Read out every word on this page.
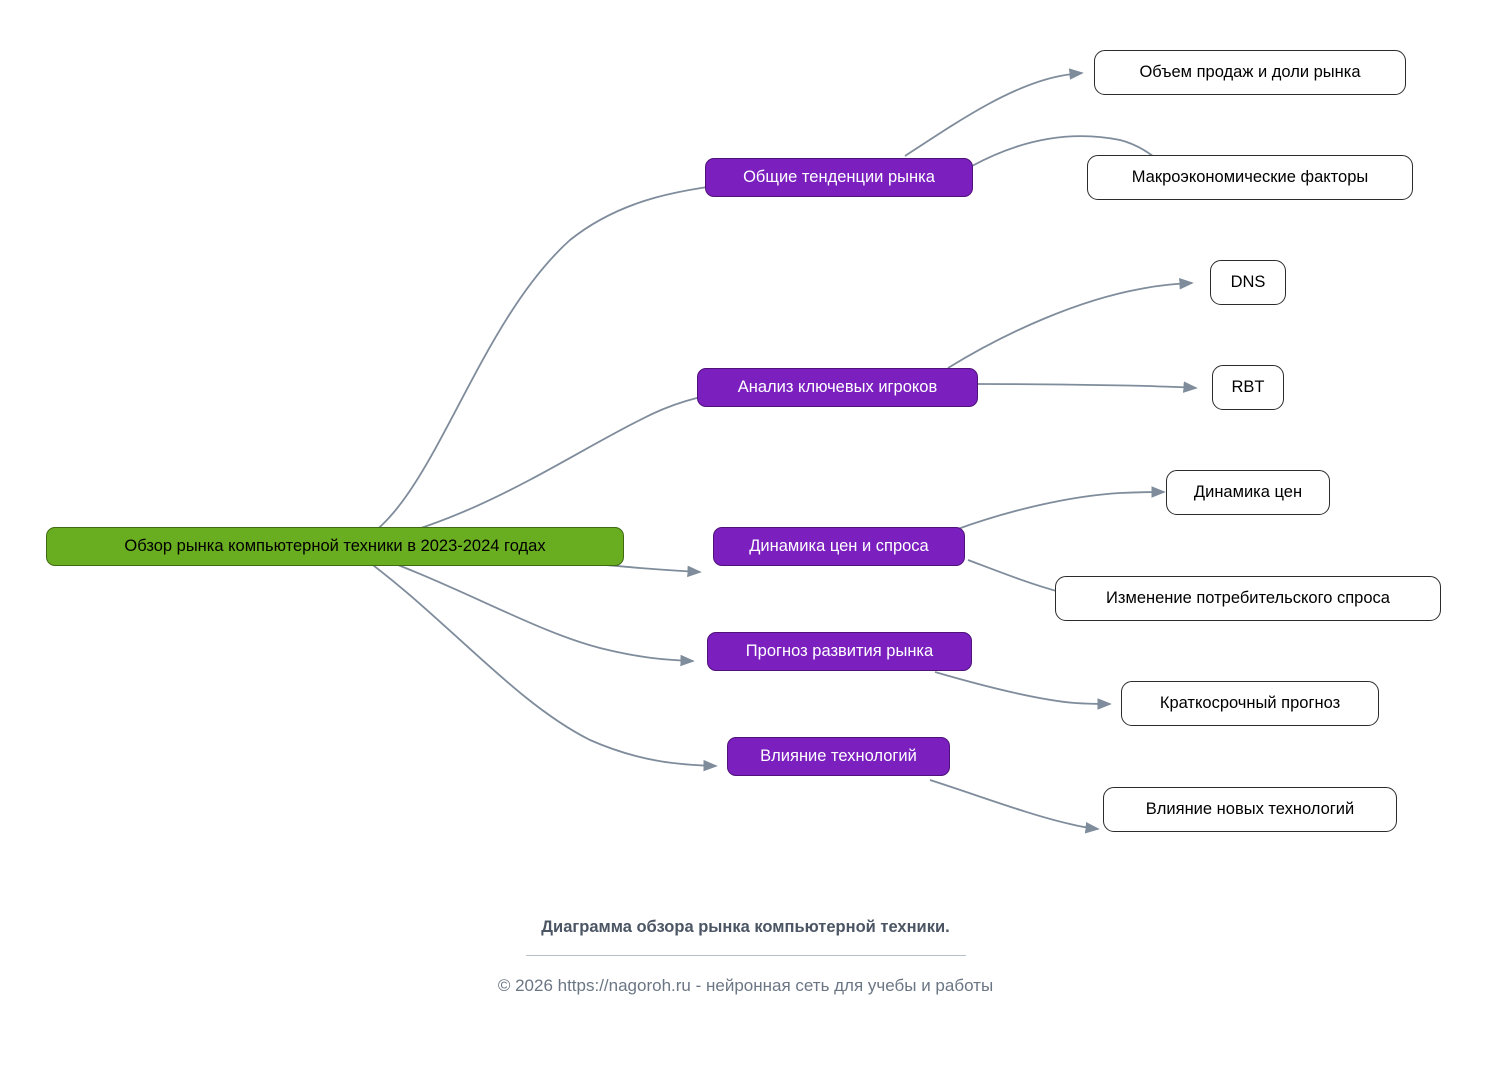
Обзор рынка компьютерной техники в 2023-2024 годах
Общие тенденции рынка
Анализ ключевых игроков
Динамика цен и спроса
Прогноз развития рынка
Влияние технологий
Объем продаж и доли рынка
Макроэкономические факторы
DNS
RBT
Динамика цен
Изменение потребительского спроса
Краткосрочный прогноз
Влияние новых технологий
Диаграмма обзора рынка компьютерной техники.
© 2026 https://nagoroh.ru - нейронная сеть для учебы и работы
